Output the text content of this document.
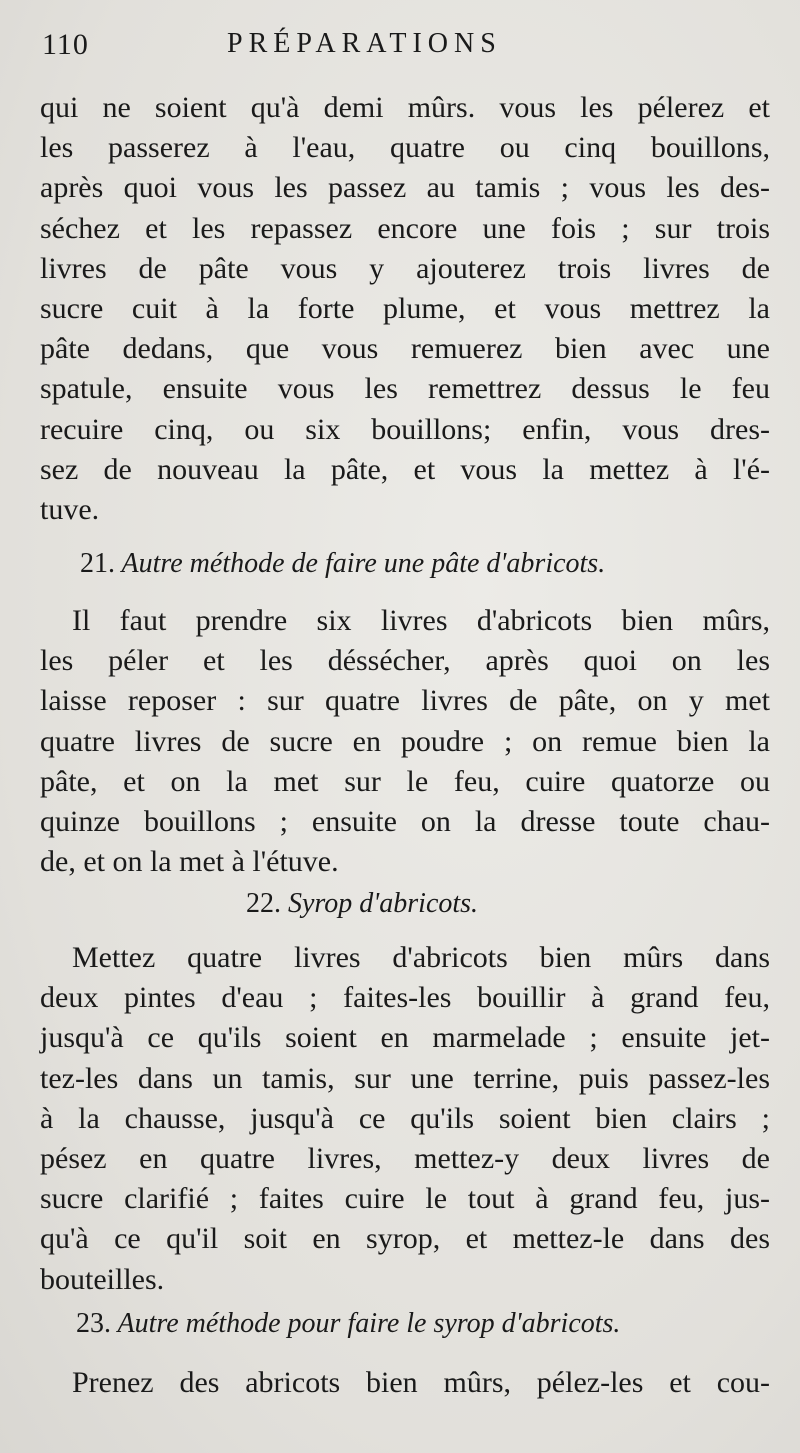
110	PRÉPARATIONS
qui ne soient qu'à demi mûrs. vous les pélerez et
les passerez à l'eau, quatre ou cinq bouillons,
après quoi vous les passez au tamis ; vous les des-
séchez et les repassez encore une fois ; sur trois
livres de pâte vous y ajouterez trois livres de
sucre cuit à la forte plume, et vous mettrez la
pâte dedans, que vous remuerez bien avec une
spatule, ensuite vous les remettrez dessus le feu
recuire cinq, ou six bouillons; enfin, vous dres-
sez de nouveau la pâte, et vous la mettez à l'é-
tuve.
21. Autre méthode de faire une pâte d'abricots.
Il faut prendre six livres d'abricots bien mûrs,
les péler et les déssécher, après quoi on les
laisse reposer : sur quatre livres de pâte, on y met
quatre livres de sucre en poudre ; on remue bien la
pâte, et on la met sur le feu, cuire quatorze ou
quinze bouillons ; ensuite on la dresse toute chau-
de, et on la met à l'étuve.
22. Syrop d'abricots.
Mettez quatre livres d'abricots bien mûrs dans
deux pintes d'eau ; faites-les bouillir à grand feu,
jusqu'à ce qu'ils soient en marmelade ; ensuite jet-
tez-les dans un tamis, sur une terrine, puis passez-les
à la chausse, jusqu'à ce qu'ils soient bien clairs ;
pésez en quatre livres, mettez-y deux livres de
sucre clarifié ; faites cuire le tout à grand feu, jus-
qu'à ce qu'il soit en syrop, et mettez-le dans des
bouteilles.
23. Autre méthode pour faire le syrop d'abricots.
Prenez des abricots bien mûrs, pélez-les et cou-
